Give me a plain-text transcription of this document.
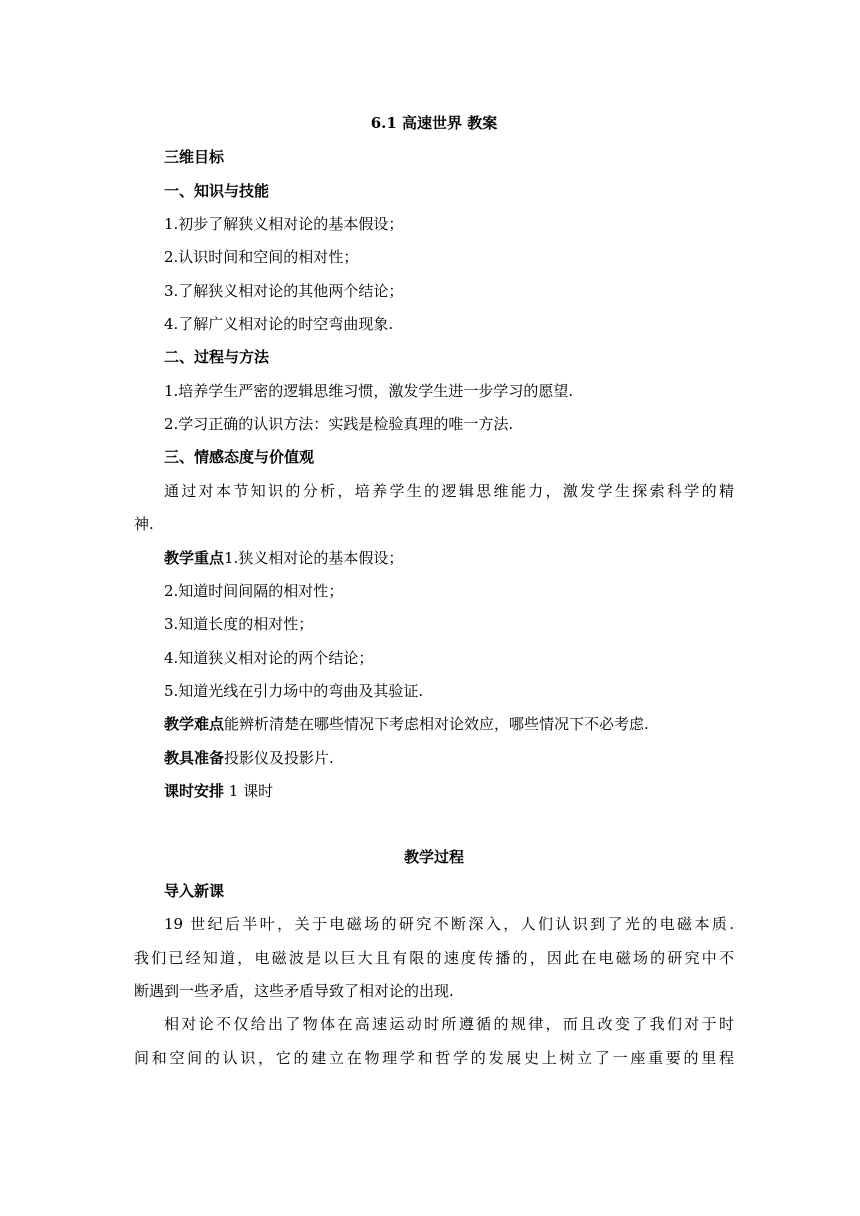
6.1 高速世界 教案
三维目标
一、知识与技能
1.初步了解狭义相对论的基本假设；
2.认识时间和空间的相对性；
3.了解狭义相对论的其他两个结论；
4.了解广义相对论的时空弯曲现象.
二、过程与方法
1.培养学生严密的逻辑思维习惯，激发学生进一步学习的愿望.
2.学习正确的认识方法：实践是检验真理的唯一方法.
三、情感态度与价值观
通过对本节知识的分析，培养学生的逻辑思维能力，激发学生探索科学的精
神.
教学重点1.狭义相对论的基本假设；
2.知道时间间隔的相对性；
3.知道长度的相对性；
4.知道狭义相对论的两个结论；
5.知道光线在引力场中的弯曲及其验证.
教学难点能辨析清楚在哪些情况下考虑相对论效应，哪些情况下不必考虑.
教具准备投影仪及投影片.
课时安排 1 课时
教学过程
导入新课
19 世纪后半叶，关于电磁场的研究不断深入，人们认识到了光的电磁本质.
我们已经知道，电磁波是以巨大且有限的速度传播的，因此在电磁场的研究中不
断遇到一些矛盾，这些矛盾导致了相对论的出现.
相对论不仅给出了物体在高速运动时所遵循的规律，而且改变了我们对于时
间和空间的认识，它的建立在物理学和哲学的发展史上树立了一座重要的里程
